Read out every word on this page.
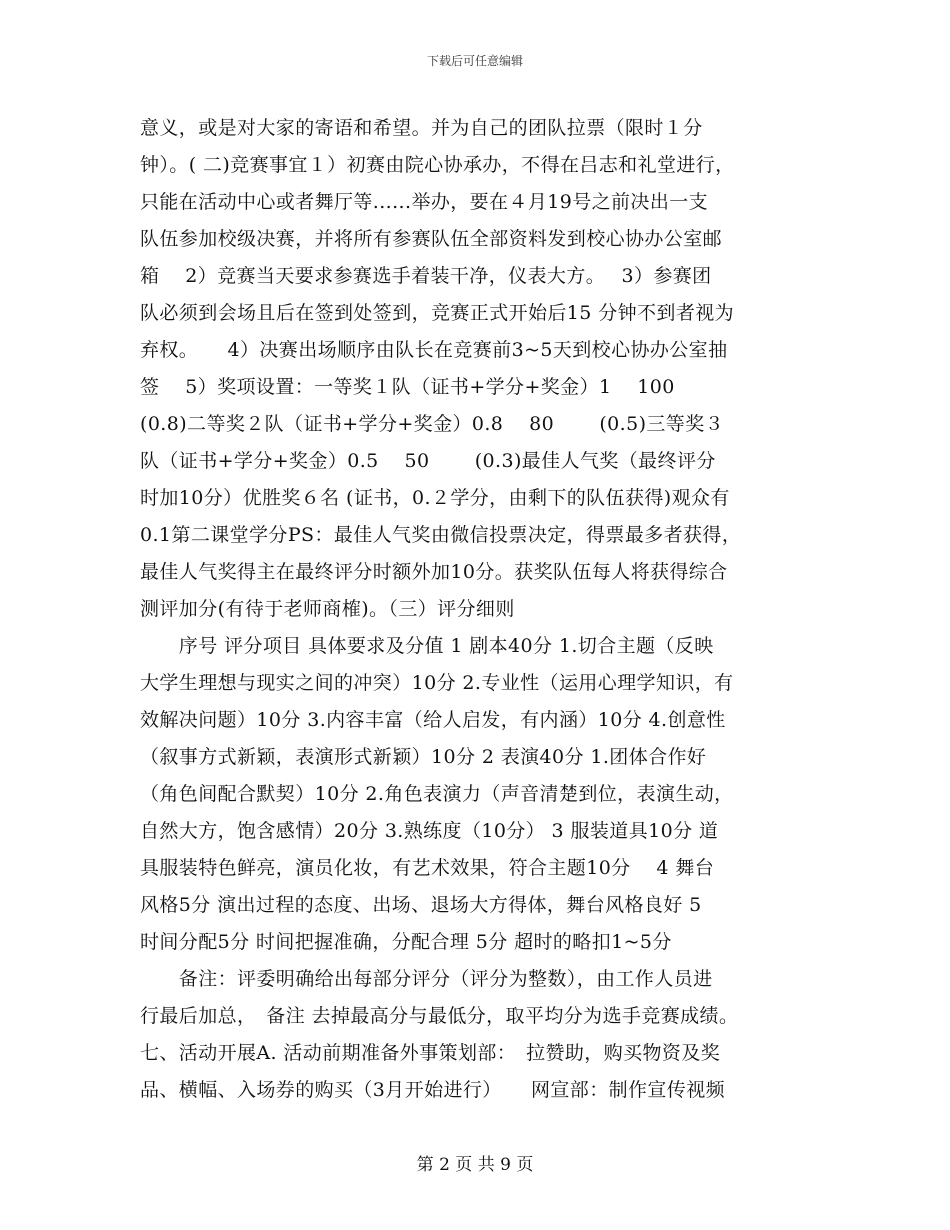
下载后可任意编辑
意义，或是对大家的寄语和希望。并为自己的团队拉票（限时１分
钟）。( 二)竞赛事宜１）初赛由院心协承办，不得在吕志和礼堂进行，
只能在活动中心或者舞厅等......举办，要在４月19号之前决出一支
队伍参加校级决赛，并将所有参赛队伍全部资料发到校心协办公室邮
箱　 2）竞赛当天要求参赛选手着装干净，仪表大方。　 3）参赛团
队必须到会场且后在签到处签到，竞赛正式开始后15 分钟不到者视为
弃权。　　4）决赛出场顺序由队长在竞赛前3~5天到校心协办公室抽
签　 5）奖项设置：一等奖１队（证书+学分+奖金）1　 100
(0.8)二等奖２队（证书+学分+奖金）0.8　 80　　 (0.5)三等奖３
队（证书+学分+奖金）0.5　 50　　 (0.3)最佳人气奖（最终评分
时加10分）优胜奖６名 (证书，0.２学分，由剩下的队伍获得)观众有
0.1第二课堂学分PS：最佳人气奖由微信投票决定，得票最多者获得，
最佳人气奖得主在最终评分时额外加10分。获奖队伍每人将获得综合
测评加分(有待于老师商榷)。（三）评分细则
　　序号 评分项目 具体要求及分值 1 剧本40分 1.切合主题（反映
大学生理想与现实之间的冲突）10分 2.专业性（运用心理学知识，有
效解决问题）10分 3.内容丰富（给人启发，有内涵）10分 4.创意性
（叙事方式新颖，表演形式新颖）10分 2 表演40分 1.团体合作好
（角色间配合默契）10分 2.角色表演力（声音清楚到位，表演生动，
自然大方，饱含感情）20分 3.熟练度（10分） 3 服装道具10分 道
具服装特色鲜亮，演员化妆，有艺术效果，符合主题10分　 4 舞台
风格5分 演出过程的态度、出场、退场大方得体，舞台风格良好 5
时间分配5分 时间把握准确，分配合理 5分 超时的略扣1~5分
　　备注：评委明确给出每部分评分（评分为整数），由工作人员进
行最后加总，　备注 去掉最高分与最低分，取平均分为选手竞赛成绩。
七、活动开展A. 活动前期准备外事策划部：　拉赞助，购买物资及奖
品、横幅、入场券的购买（3月开始进行）　　网宣部：制作宣传视频
第 2 页 共 9 页
